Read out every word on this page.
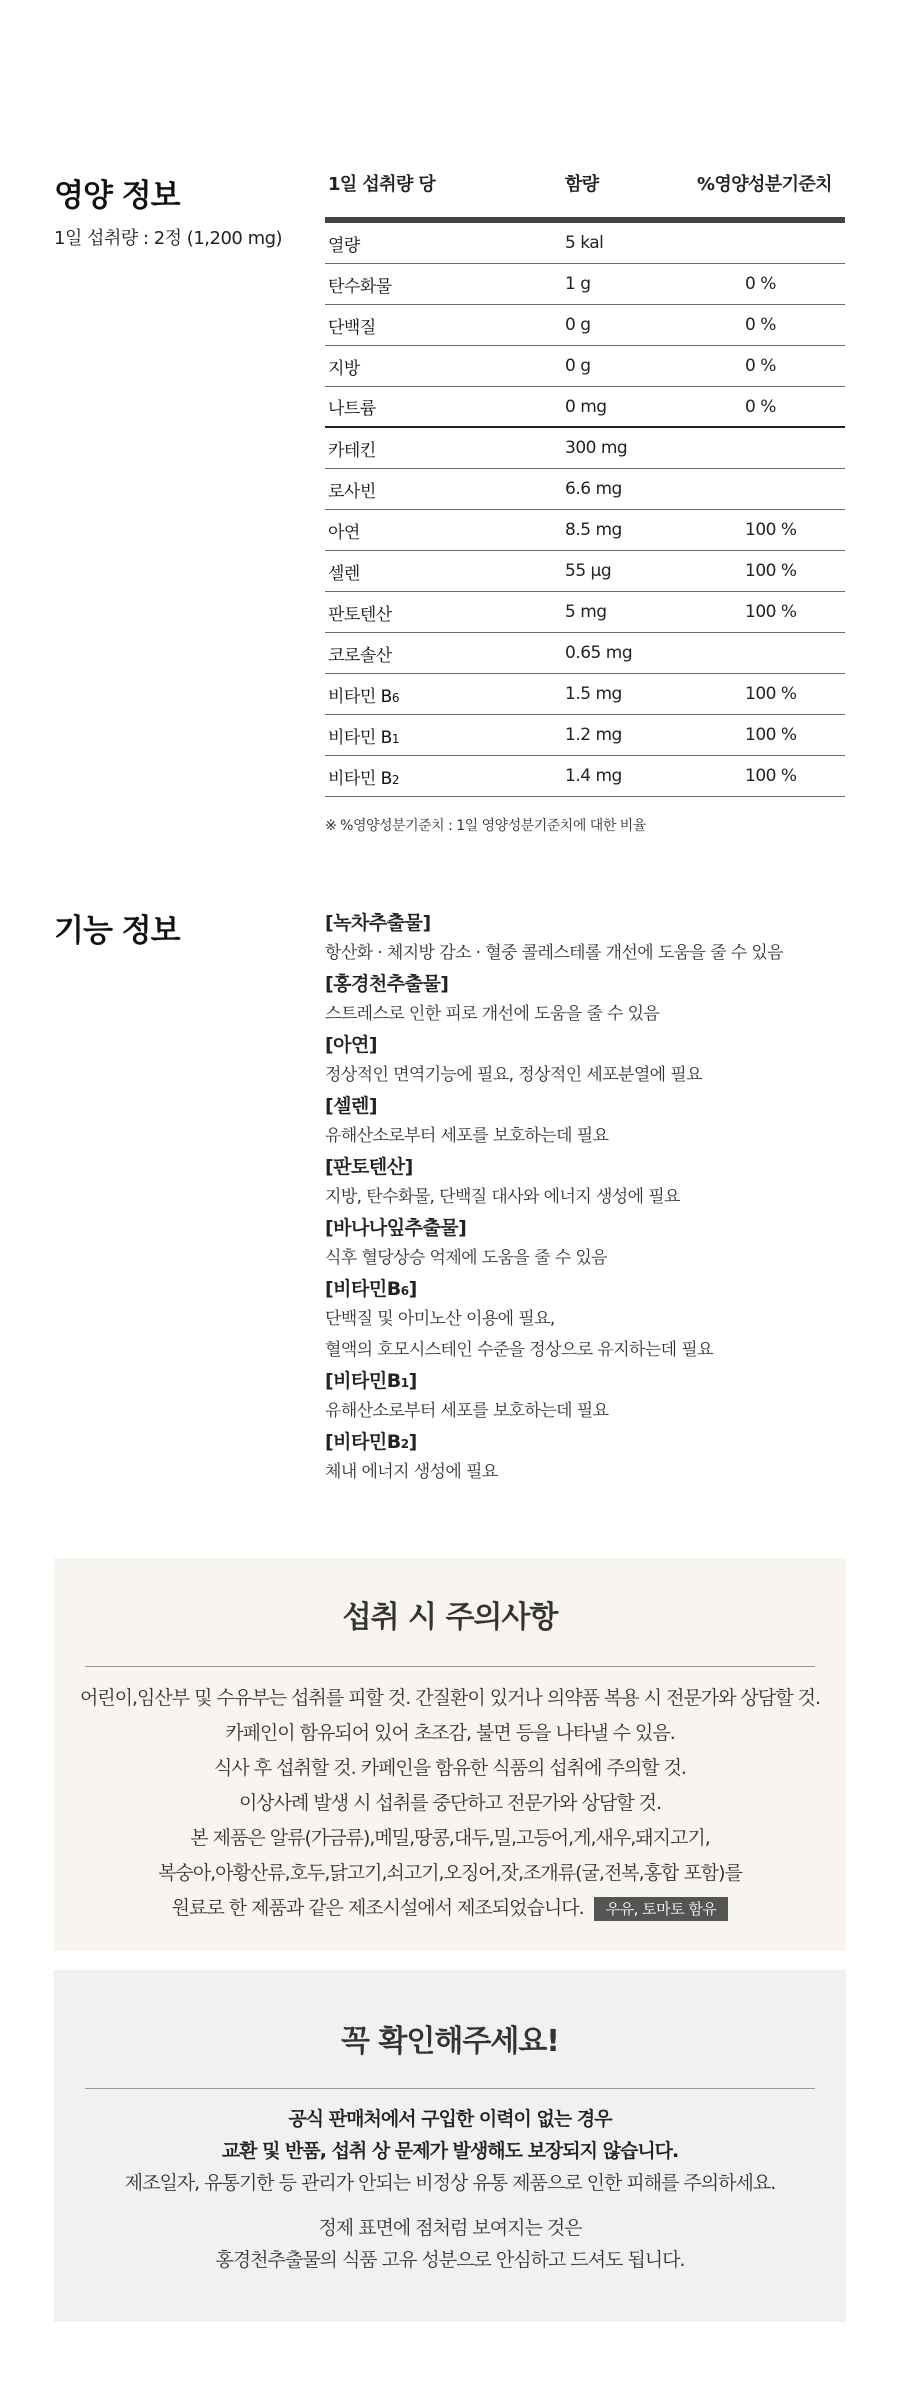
영양 정보
1일 섭취량 : 2정 (1,200 mg)
1일 섭취량 당	함량	%영양성분기준치
열량	5 kal
탄수화물	1 g	0 %
단백질	0 g	0 %
지방	0 g	0 %
나트륨	0 mg	0 %
카테킨	300 mg
로사빈	6.6 mg
아연	8.5 mg	100 %
셀렌	55 μg	100 %
판토텐산	5 mg	100 %
코로솔산	0.65 mg
비타민 B6	1.5 mg	100 %
비타민 B1	1.2 mg	100 %
비타민 B2	1.4 mg	100 %
※ %영양성분기준치 : 1일 영양성분기준치에 대한 비율
기능 정보	[녹차추출물]
항산화 · 체지방 감소 · 혈중 콜레스테롤 개선에 도움을 줄 수 있음
[홍경천추출물]
스트레스로 인한 피로 개선에 도움을 줄 수 있음
[아연]
정상적인 면역기능에 필요, 정상적인 세포분열에 필요
[셀렌]
유해산소로부터 세포를 보호하는데 필요
[판토텐산]
지방, 탄수화물, 단백질 대사와 에너지 생성에 필요
[바나나잎추출물]
식후 혈당상승 억제에 도움을 줄 수 있음
[비타민B6]
단백질 및 아미노산 이용에 필요,
혈액의 호모시스테인 수준을 정상으로 유지하는데 필요
[비타민B1]
유해산소로부터 세포를 보호하는데 필요
[비타민B2]
체내 에너지 생성에 필요
섭취 시 주의사항
어린이,임산부 및 수유부는 섭취를 피할 것. 간질환이 있거나 의약품 복용 시 전문가와 상담할 것.
카페인이 함유되어 있어 초조감, 불면 등을 나타낼 수 있음.
식사 후 섭취할 것. 카페인을 함유한 식품의 섭취에 주의할 것.
이상사례 발생 시 섭취를 중단하고 전문가와 상담할 것.
본 제품은 알류(가금류),메밀,땅콩,대두,밀,고등어,게,새우,돼지고기,
복숭아,아황산류,호두,닭고기,쇠고기,오징어,잣,조개류(굴,전복,홍합 포함)를
원료로 한 제품과 같은 제조시설에서 제조되었습니다. 우유, 토마토 함유
꼭 확인해주세요!
공식 판매처에서 구입한 이력이 없는 경우
교환 및 반품, 섭취 상 문제가 발생해도 보장되지 않습니다.
제조일자, 유통기한 등 관리가 안되는 비정상 유통 제품으로 인한 피해를 주의하세요.
정제 표면에 점처럼 보여지는 것은
홍경천추출물의 식품 고유 성분으로 안심하고 드셔도 됩니다.
